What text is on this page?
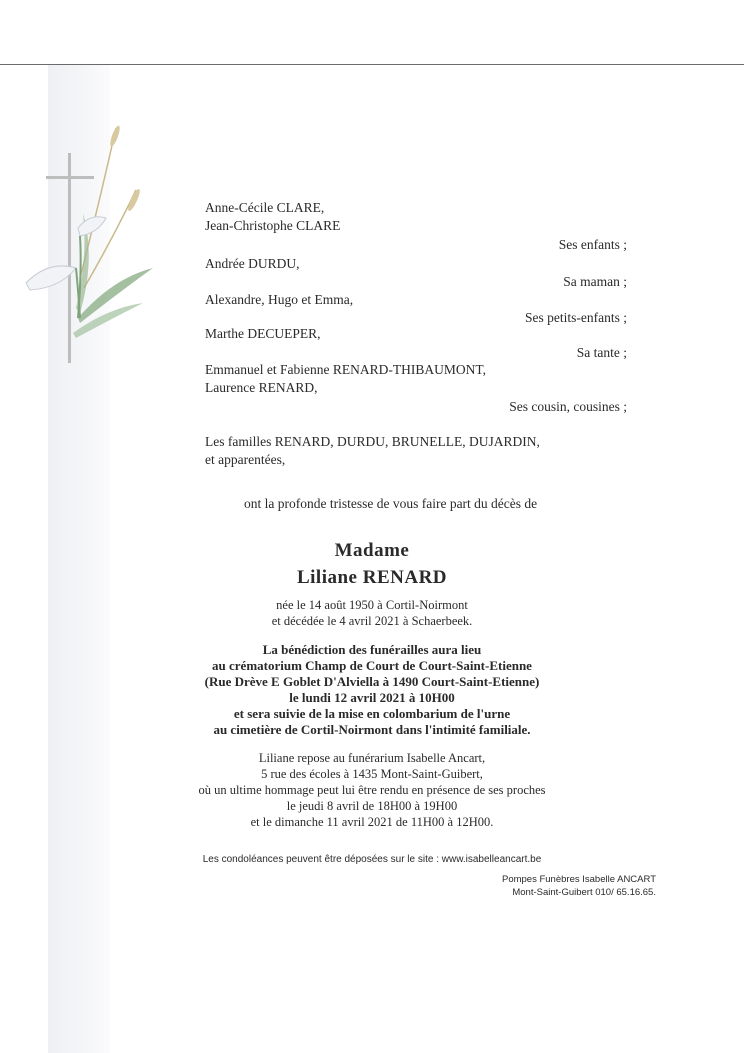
Anne-Cécile CLARE,
Jean-Christophe CLARE
Ses enfants ;
Andrée DURDU,
Sa maman ;
Alexandre, Hugo et Emma,
Ses petits-enfants ;
Marthe DECUEPER,
Sa tante ;
Emmanuel et Fabienne RENARD-THIBAUMONT,
Laurence RENARD,
Ses cousin, cousines ;
Les familles RENARD, DURDU, BRUNELLE, DUJARDIN,
et apparentées,
ont la profonde tristesse de vous faire part du décès de
Madame
Liliane RENARD
née le 14 août 1950 à Cortil-Noirmont
et décédée le 4 avril 2021 à Schaerbeek.
La bénédiction des funérailles aura lieu
au crématorium Champ de Court de Court-Saint-Etienne
(Rue Drève E Goblet D'Alviella à 1490 Court-Saint-Etienne)
le lundi 12 avril 2021 à 10H00
et sera suivie de la mise en colombarium de l'urne
au cimetière de Cortil-Noirmont dans l'intimité familiale.
Liliane repose au funérarium Isabelle Ancart,
5 rue des écoles à 1435 Mont-Saint-Guibert,
où un ultime hommage peut lui être rendu en présence de ses proches
le jeudi 8 avril de 18H00 à 19H00
et le dimanche 11 avril 2021 de 11H00 à 12H00.
Les condoléances peuvent être déposées sur le site : www.isabelleancart.be
Pompes Funèbres Isabelle ANCART
Mont-Saint-Guibert 010/ 65.16.65.
